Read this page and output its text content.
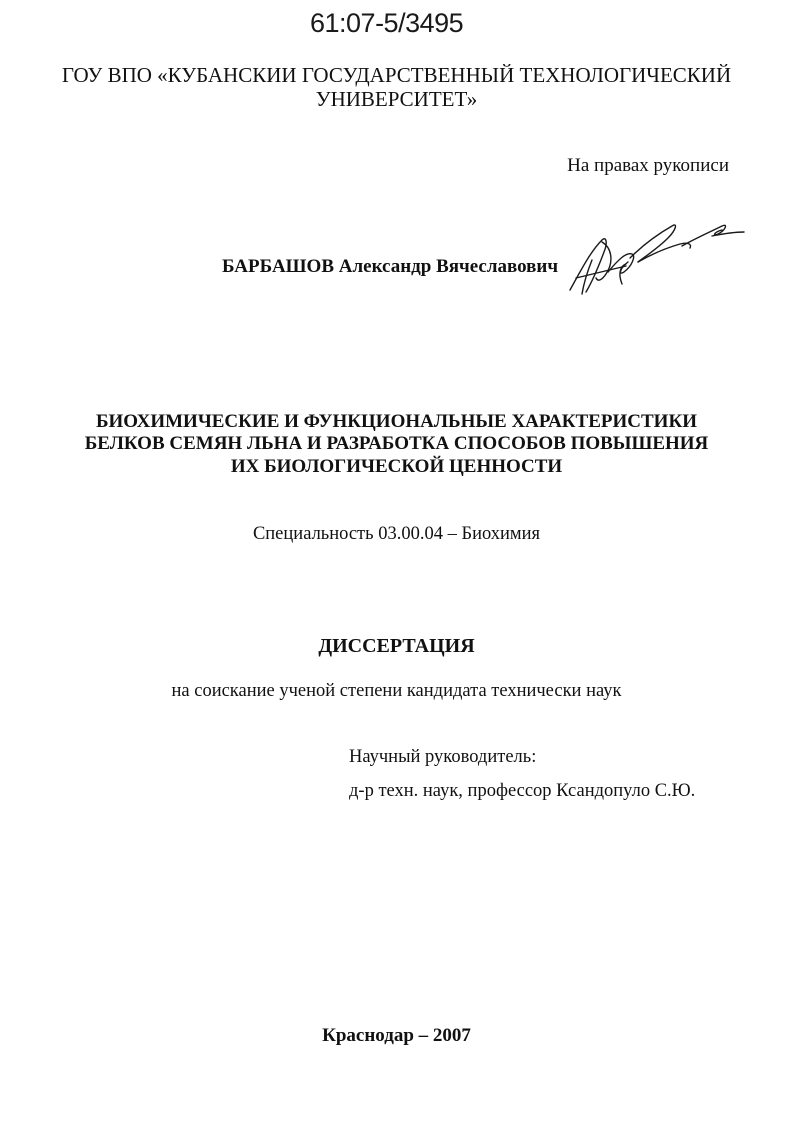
61:07-5/3495
ГОУ ВПО «КУБАНСКИИ ГОСУДАРСТВЕННЫЙ ТЕХНОЛОГИЧЕСКИЙ
УНИВЕРСИТЕТ»
На правах рукописи
БАРБАШОВ Александр Вячеславович
БИОХИМИЧЕСКИЕ И ФУНКЦИОНАЛЬНЫЕ ХАРАКТЕРИСТИКИ
БЕЛКОВ СЕМЯН ЛЬНА И РАЗРАБОТКА СПОСОБОВ ПОВЫШЕНИЯ
ИХ БИОЛОГИЧЕСКОЙ ЦЕННОСТИ
Специальность 03.00.04 – Биохимия
ДИССЕРТАЦИЯ
на соискание ученой степени кандидата технически наук
Научный руководитель:
д-р техн. наук, профессор Ксандопуло С.Ю.
Краснодар – 2007
